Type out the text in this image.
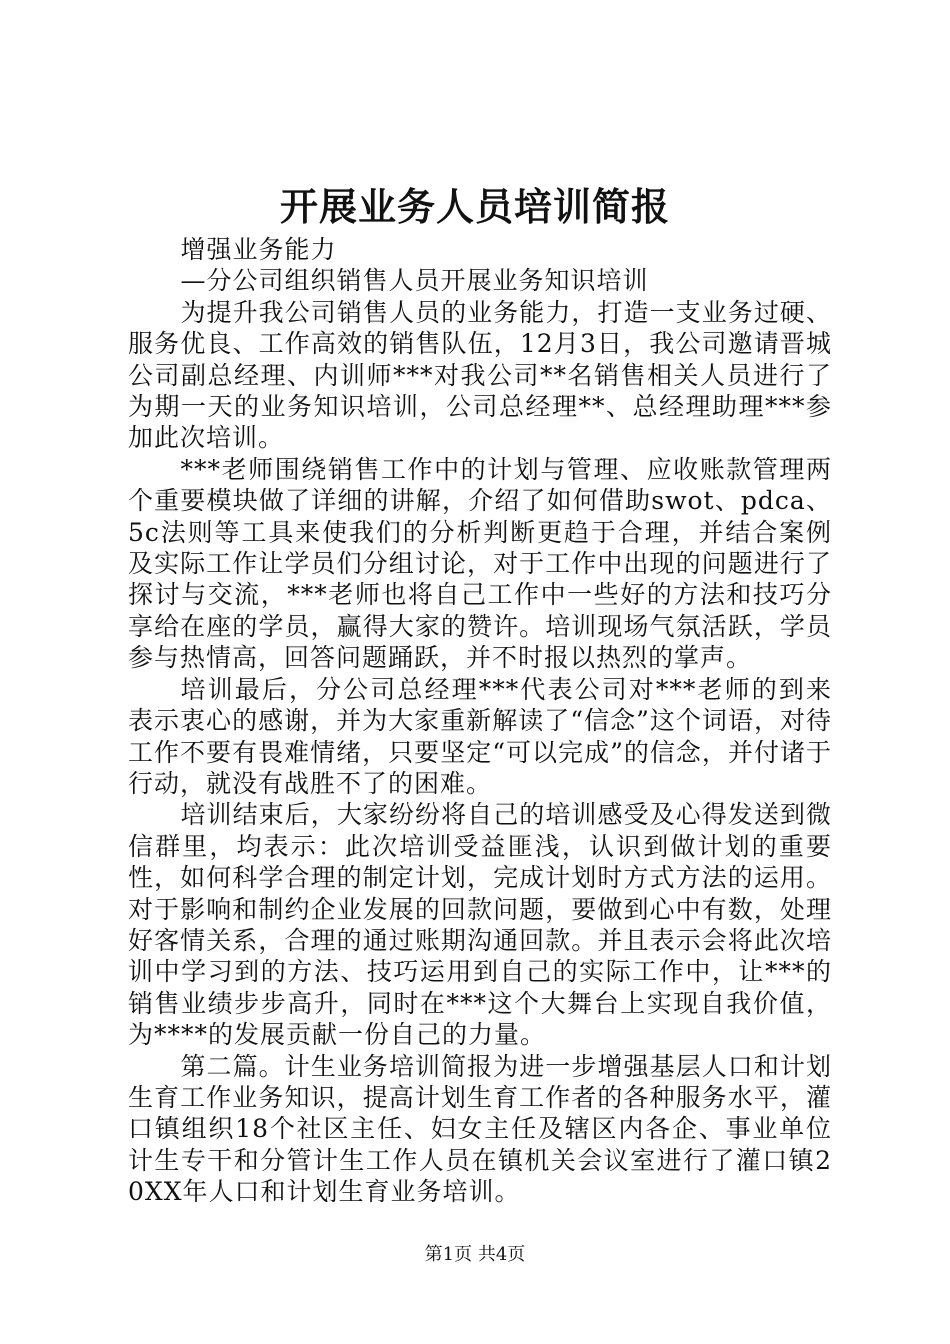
开展业务人员培训简报

增强业务能力

—分公司组织销售人员开展业务知识培训

为提升我公司销售人员的业务能力，打造一支业务过硬、服务优良、工作高效的销售队伍，12月3日，我公司邀请晋城公司副总经理、内训师***对我公司**名销售相关人员进行了为期一天的业务知识培训，公司总经理**、总经理助理***参加此次培训。

***老师围绕销售工作中的计划与管理、应收账款管理两个重要模块做了详细的讲解，介绍了如何借助swot、pdca、5c法则等工具来使我们的分析判断更趋于合理，并结合案例及实际工作让学员们分组讨论，对于工作中出现的问题进行了探讨与交流，***老师也将自己工作中一些好的方法和技巧分享给在座的学员，赢得大家的赞许。培训现场气氛活跃，学员参与热情高，回答问题踊跃，并不时报以热烈的掌声。

培训最后，分公司总经理***代表公司对***老师的到来表示衷心的感谢，并为大家重新解读了“信念”这个词语，对待工作不要有畏难情绪，只要坚定“可以完成”的信念，并付诸于行动，就没有战胜不了的困难。

培训结束后，大家纷纷将自己的培训感受及心得发送到微信群里，均表示：此次培训受益匪浅，认识到做计划的重要性，如何科学合理的制定计划，完成计划时方式方法的运用。对于影响和制约企业发展的回款问题，要做到心中有数，处理好客情关系，合理的通过账期沟通回款。并且表示会将此次培训中学习到的方法、技巧运用到自己的实际工作中，让***的销售业绩步步高升，同时在***这个大舞台上实现自我价值，为****的发展贡献一份自己的力量。

第二篇。计生业务培训简报为进一步增强基层人口和计划生育工作业务知识，提高计划生育工作者的各种服务水平，灌口镇组织18个社区主任、妇女主任及辖区内各企、事业单位计生专干和分管计生工作人员在镇机关会议室进行了灌口镇20XX年人口和计划生育业务培训。

第1页 共4页
